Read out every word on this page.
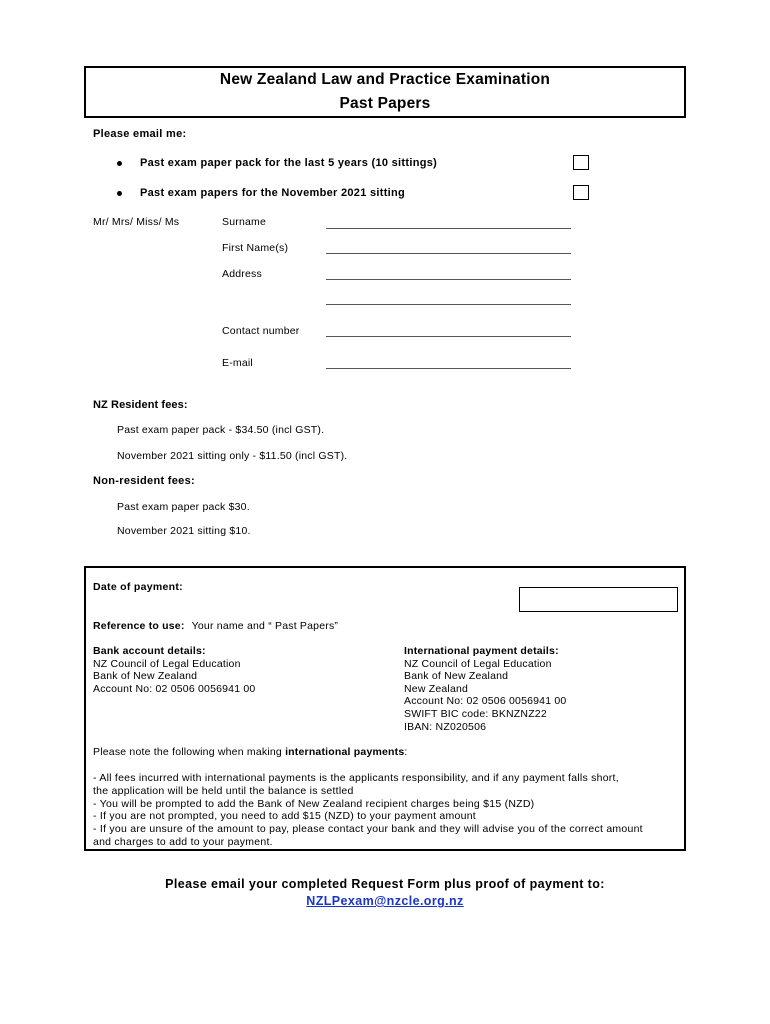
New Zealand Law and Practice Examination
Past Papers
Please email me:
Past exam paper pack for the last 5 years (10 sittings)
Past exam papers for the November 2021 sitting
Mr/ Mrs/ Miss/ Ms	Surname
First Name(s)
Address
Contact number
E-mail
NZ Resident fees:
Past exam paper pack - $34.50 (incl GST).
November 2021 sitting only - $11.50 (incl GST).
Non-resident fees:
Past exam paper pack $30.
November 2021 sitting $10.
Date of payment:
Reference to use: Your name and “ Past Papers”
Bank account details:
NZ Council of Legal Education
Bank of New Zealand
Account No: 02 0506 0056941 00
International payment details:
NZ Council of Legal Education
Bank of New Zealand
New Zealand
Account No: 02 0506 0056941 00
SWIFT BIC code: BKNZNZ22
IBAN: NZ020506
Please note the following when making international payments:
- All fees incurred with international payments is the applicants responsibility, and if any payment falls short,
the application will be held until the balance is settled
- You will be prompted to add the Bank of New Zealand recipient charges being $15 (NZD)
- If you are not prompted, you need to add $15 (NZD) to your payment amount
- If you are unsure of the amount to pay, please contact your bank and they will advise you of the correct amount
and charges to add to your payment.
Please email your completed Request Form plus proof of payment to:
NZLPexam@nzcle.org.nz
